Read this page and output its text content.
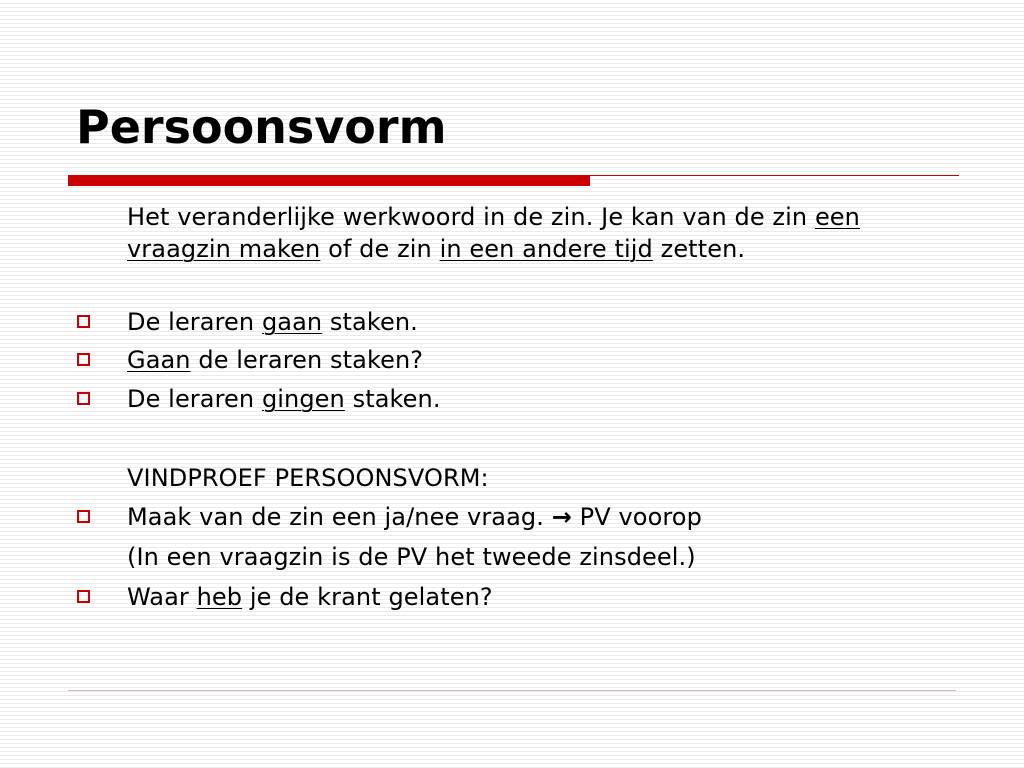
Persoonsvorm

Het veranderlijke werkwoord in de zin. Je kan van de zin een vraagzin maken of de zin in een andere tijd zetten.

De leraren gaan staken.

Gaan de leraren staken?

De leraren gingen staken.

VINDPROEF PERSOONSVORM:

Maak van de zin een ja/nee vraag. → PV voorop

(In een vraagzin is de PV het tweede zinsdeel.)

Waar heb je de krant gelaten?
